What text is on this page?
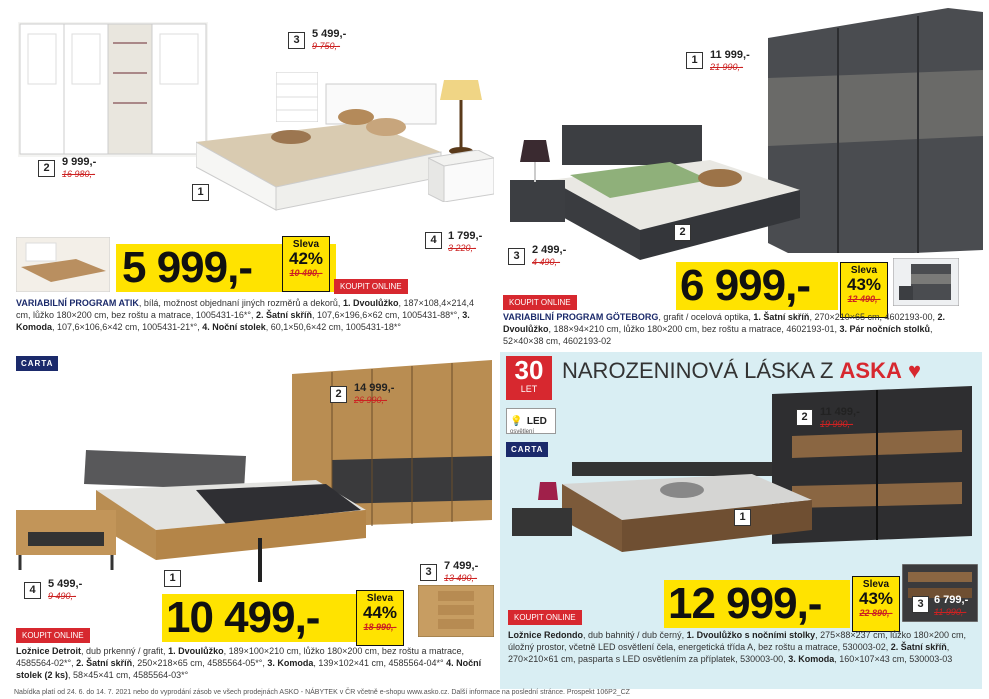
2	9 999,-
16 980,-
3	5 499,-
9 750,-
1
4	1 799,-
3 220,-
5 999,-	Sleva
42%
10 490,-
KOUPIT ONLINE
VARIABILNÍ PROGRAM ATIK, bílá, možnost objednaní jiných rozměrů a dekorů, 1. Dvoulůžko, 187×108,4×214,4 cm, lůžko 180×200 cm, bez roštu a matrace, 1005431-16*°, 2. Šatní skříň, 107,6×196,6×62 cm, 1005431-88*°, 3. Komoda, 107,6×106,6×42 cm, 1005431-21*°, 4. Noční stolek, 60,1×50,6×42 cm, 1005431-18*°
CARTA
1	11 999,-
21 990,-
2
3	2 499,-
4 490,-	6 999,-	Sleva
43%
12 490,-
KOUPIT ONLINE
VARIABILNÍ PROGRAM GÖTEBORG, grafit / ocelová optika, 1. Šatní skříň, 270×210×65 cm, 4602193-00, 2. Dvoulůžko, 188×94×210 cm, lůžko 180×200 cm, bez roštu a matrace, 4602193-01, 3. Pár nočních stolků, 52×40×38 cm, 4602193-02
2	14 999,-
26 990,-
1
4	5 499,-
9 490,-
3	7 499,-
13 490,-
10 499,-	Sleva
44%
18 990,-
KOUPIT ONLINE
Ložnice Detroit, dub prkenný / grafit, 1. Dvoulůžko, 189×100×210 cm, lůžko 180×200 cm, bez roštu a matrace, 4585564-02*°, 2. Šatní skříň, 250×218×65 cm, 4585564-05*°, 3. Komoda, 139×102×41 cm, 4585564-04*° 4. Noční stolek (2 ks), 58×45×41 cm, 4585564-03*°
30
LET
NAROZENINOVÁ LÁSKA Z ASKA ♥
💡 LED
osvětlení
CARTA
2	11 499,-
19 990,-
1
3 6 799,-
11 990,-
12 999,-	Sleva
43%
22 890,-
KOUPIT ONLINE
Ložnice Redondo, dub bahnitý / dub černý, 1. Dvoulůžko s nočními stolky, 275×88×237 cm, lůžko 180×200 cm, úložný prostor, včetně LED osvětlení čela, energetická třída A, bez roštu a matrace, 530003-02, 2. Šatní skříň, 270×210×61 cm, pasparta s LED osvětlením za příplatek, 530003-00, 3. Komoda, 160×107×43 cm, 530003-03
Nabídka platí od 24. 6. do 14. 7. 2021 nebo do vyprodání zásob ve všech prodejnách ASKO - NÁBYTEK v ČR včetně e-shopu www.asko.cz. Další informace na poslední stránce. Prospekt 106P2_CZ
